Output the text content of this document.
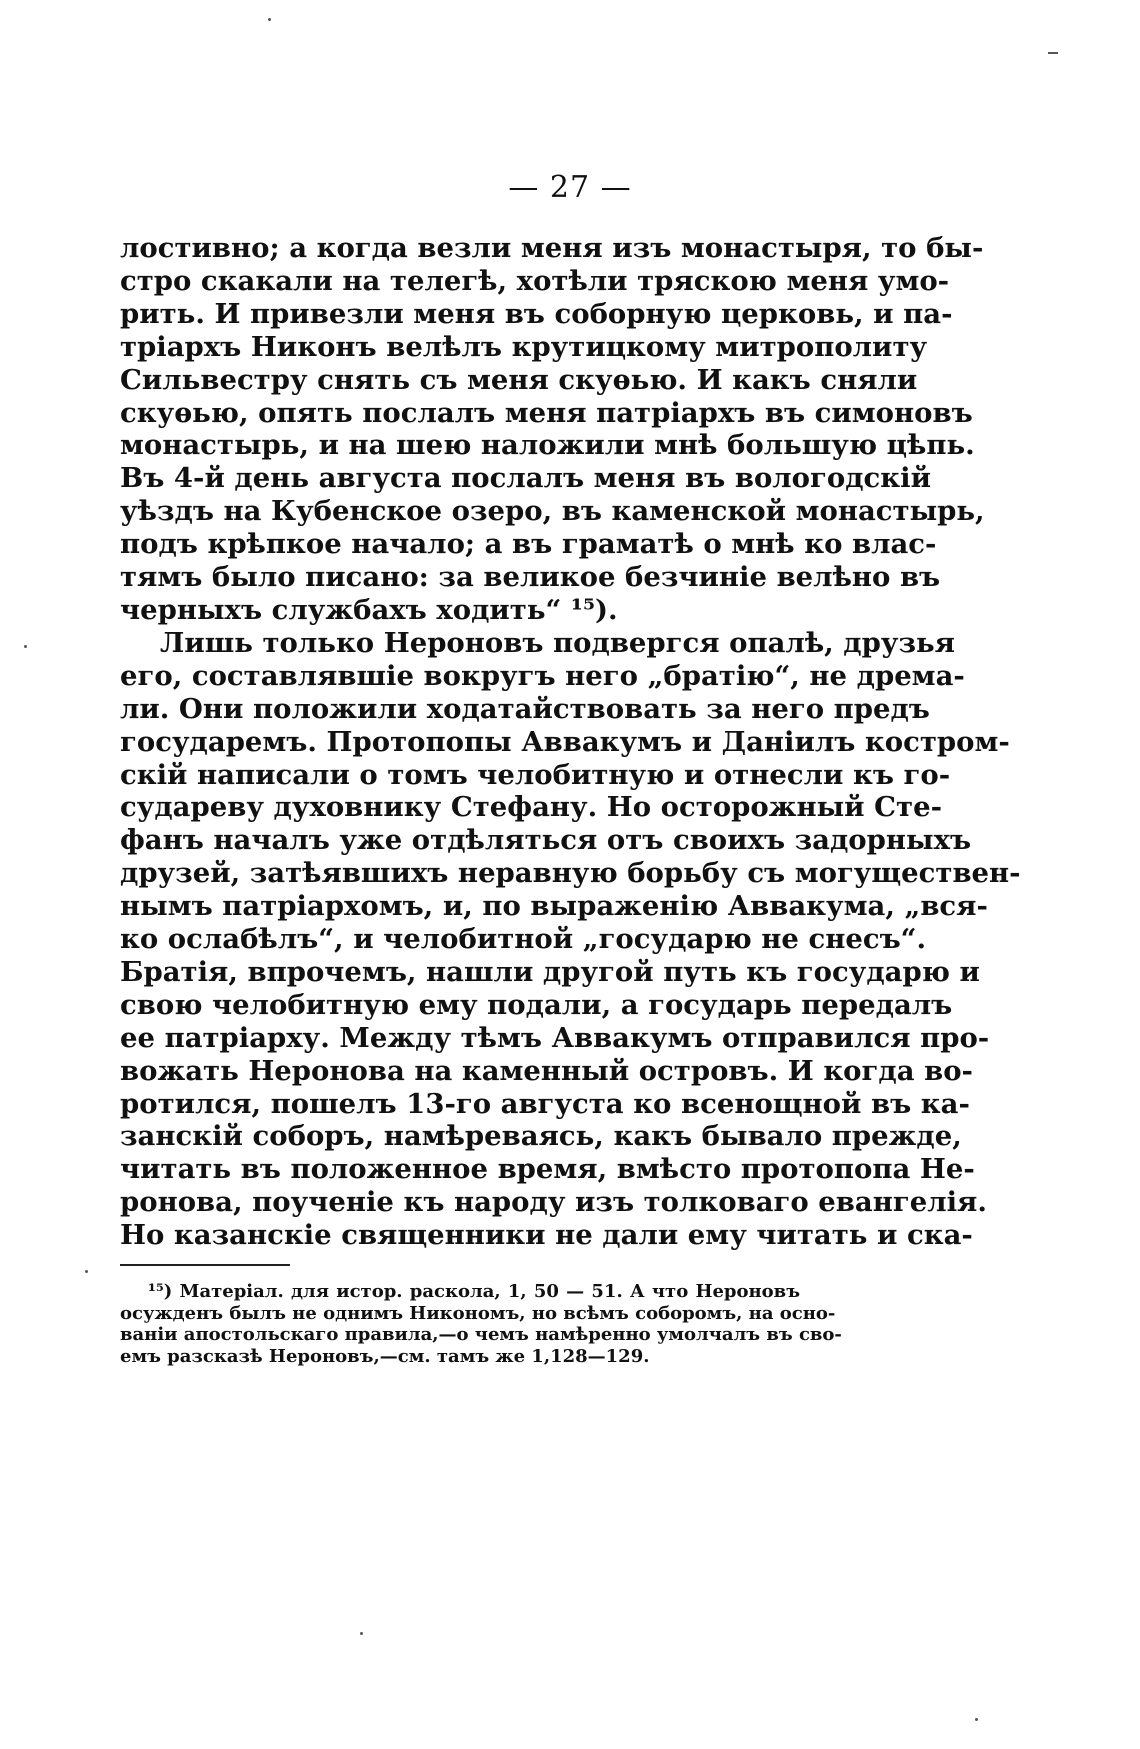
— 27 —
лостивно; а когда везли меня изъ монастыря, то бы-
стро скакали на телегѣ, хотѣли тряскою меня умо-
рить. И привезли меня въ соборную церковь, и па-
тріархъ Никонъ велѣлъ крутицкому митрополиту
Сильвестру снять съ меня скуѳью. И какъ сняли
скуѳью, опять послалъ меня патріархъ въ симоновъ
монастырь, и на шею наложили мнѣ большую цѣпь.
Въ 4-й день августа послалъ меня въ вологодскій
уѣздъ на Кубенское озеро, въ каменской монастырь,
подъ крѣпкое начало; а въ граматѣ о мнѣ ко влас-
тямъ было писано: за великое безчиніе велѣно въ
черныхъ службахъ ходить“ ¹⁵).
Лишь только Нероновъ подвергся опалѣ, друзья
его, составлявшіе вокругъ него „братію“, не дрема-
ли. Они положили ходатайствовать за него предъ
государемъ. Протопопы Аввакумъ и Даніилъ костром-
скій написали о томъ челобитную и отнесли къ го-
судареву духовнику Стефану. Но осторожный Сте-
фанъ началъ уже отдѣляться отъ своихъ задорныхъ
друзей, затѣявшихъ неравную борьбу съ могуществен-
нымъ патріархомъ, и, по выраженію Аввакума, „вся-
ко ослабѣлъ“, и челобитной „государю не снесъ“.
Братія, впрочемъ, нашли другой путь къ государю и
свою челобитную ему подали, а государь передалъ
ее патріарху. Между тѣмъ Аввакумъ отправился про-
вожать Неронова на каменный островъ. И когда во-
ротился, пошелъ 13-го августа ко всенощной въ ка-
занскій соборъ, намѣреваясь, какъ бывало прежде,
читать въ положенное время, вмѣсто протопопа Не-
ронова, поученіе къ народу изъ толковаго евангелія.
Но казанскіе священники не дали ему читать и ска-
¹⁵) Матеріал. для истор. раскола, 1, 50 — 51. А что Нероновъ
осужденъ былъ не однимъ Никономъ, но всѣмъ соборомъ, на осно-
ваніи апостольскаго правила,—о чемъ намѣренно умолчалъ въ сво-
емъ разсказѣ Нероновъ,—см. тамъ же 1,128—129.
